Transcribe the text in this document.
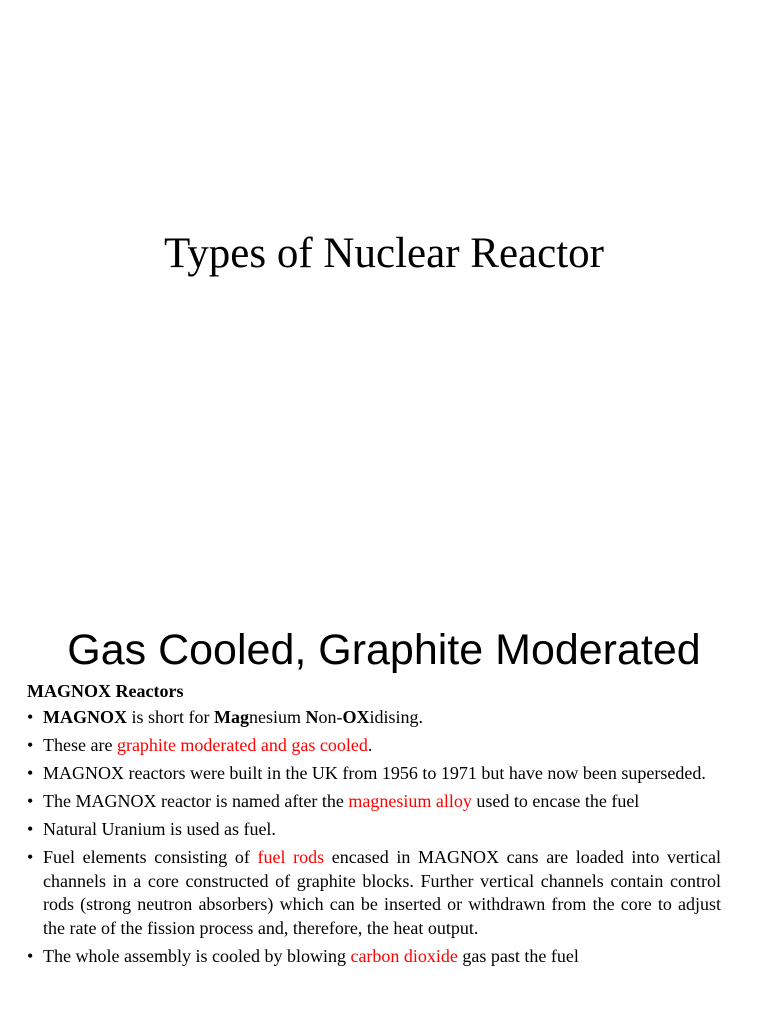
Types of Nuclear Reactor
Gas Cooled, Graphite Moderated
MAGNOX Reactors
• MAGNOX is short for Magnesium Non-OXidising.
• These are graphite moderated and gas cooled.
• MAGNOX reactors were built in the UK from 1956 to 1971 but have now been superseded.
• The MAGNOX reactor is named after the magnesium alloy used to encase the fuel
• Natural Uranium is used as fuel.
• Fuel elements consisting of fuel rods encased in MAGNOX cans are loaded into vertical channels in a core constructed of graphite blocks. Further vertical channels contain control rods (strong neutron absorbers) which can be inserted or withdrawn from the core to adjust the rate of the fission process and, therefore, the heat output.
• The whole assembly is cooled by blowing carbon dioxide gas past the fuel
